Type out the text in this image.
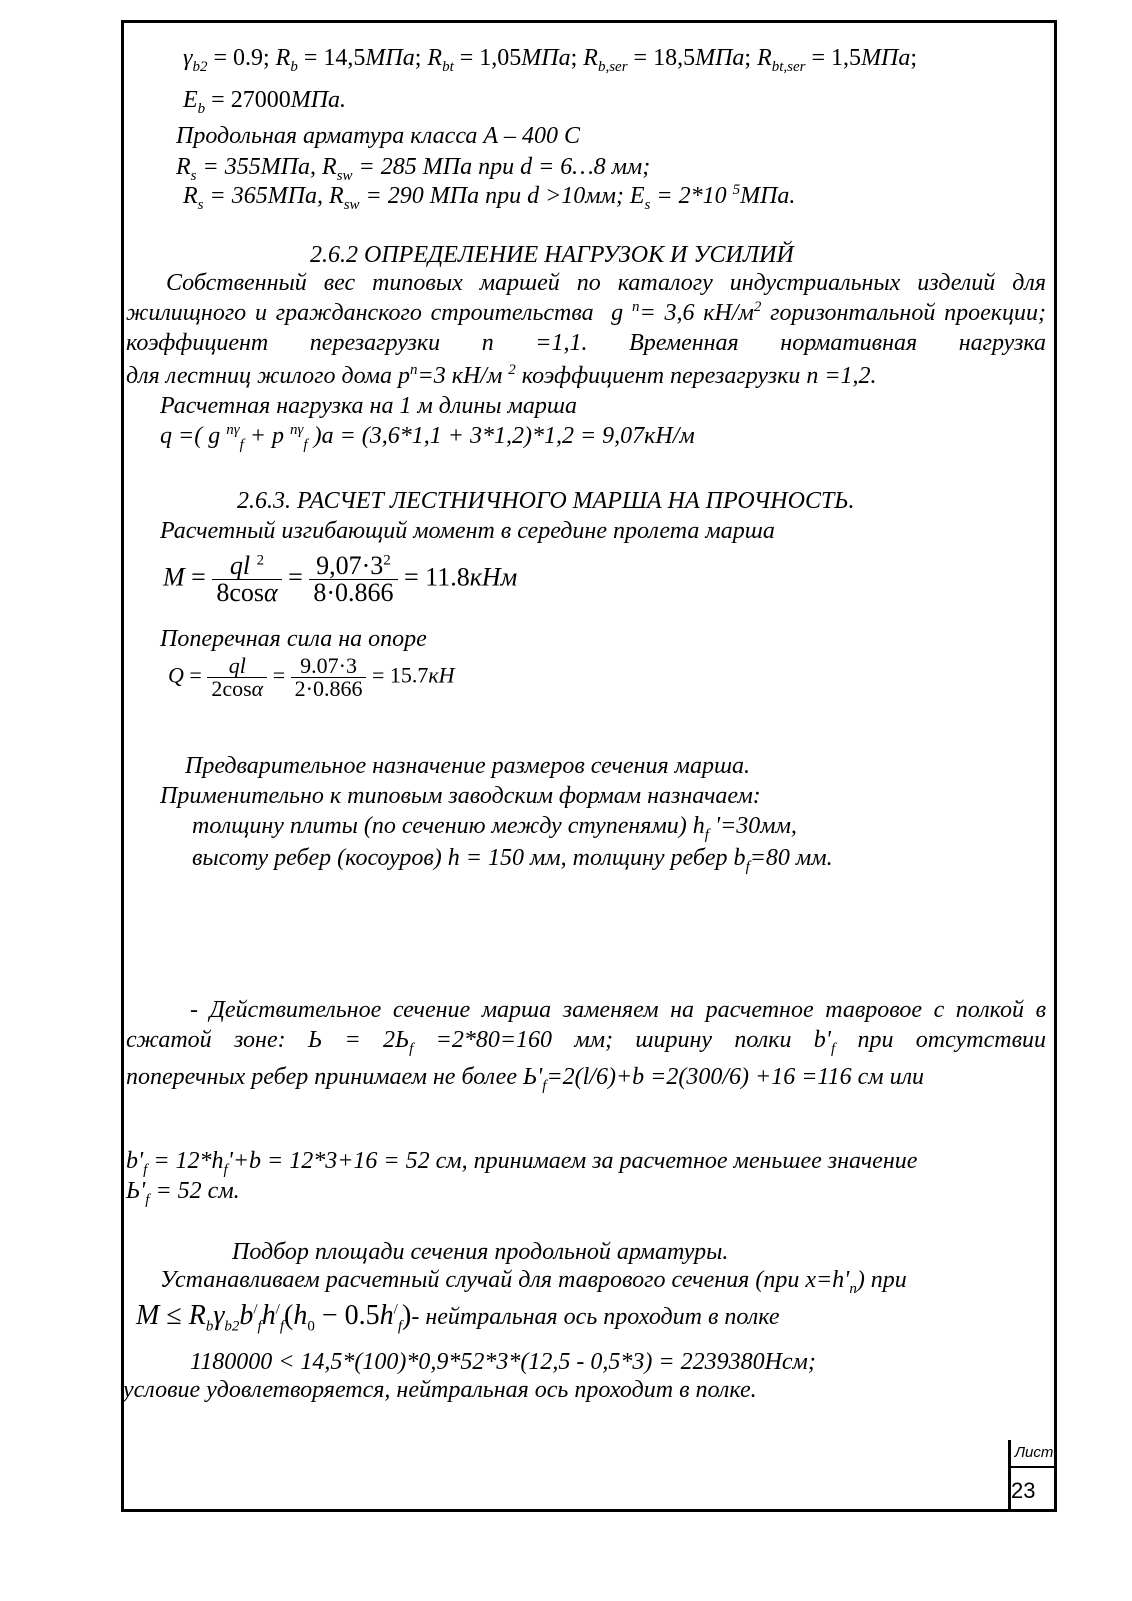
$\gamma_{b2} = 0.9$; $R_b = 14,5МПа$; $R_{bt} = 1,05МПа$; $R_{b,ser} = 18,5МПа$; $R_{bt,ser} = 1,5МПа$;
$E_b = 27000МПа$.
Продольная арматура класса А – 400 С
$R_s = 355МПа$, $R_{sw} = 285$ МПа при d = 6…8 мм;
$R_s = 365МПа$, $R_{sw} = 290$ МПа при d >10мм; $E_s = 2*10$ $^5$МПа.
2.6.2 ОПРЕДЕЛЕНИЕ НАГРУЗОК И УСИЛИЙ
Собственный вес типовых маршей по каталогу индустриальных изделий для жилищного и гражданского строительства  g $^n$= 3,6 $кН/м^2$ горизонтальной проекции; коэффициент перезагрузки n =1,1. Временная нормативная нагрузка
для лестниц жилого дома $p^n=3$ кН/м $^2$ коэффициент перезагрузки n =1,2.
Расчетная нагрузка на 1 м длины марша
q =( g $^{n\gamma}_f$ + p $^{n\gamma}_f$ )a = (3,6*1,1 + 3*1,2)*1,2 = 9,07кН/м
2.6.3. РАСЧЕТ ЛЕСТНИЧНОГО МАРША НА ПРОЧНОСТЬ.
Расчетный изгибающий момент в середине пролета марша
$M = \frac{ql ^2}{8\cos\alpha} = \frac{9,07\cdot 3^2}{8\cdot 0.866} = 11.8кНм$
Поперечная сила на опоре
$Q = \frac{ql}{2\cos\alpha} = \frac{9.07\cdot 3}{2\cdot 0.866} = 15.7кН$
Предварительное назначение размеров сечения марша.
Применительно к типовым заводским формам назначаем:
толщину плиты (по сечению между ступенями) $h_f$ '=30мм,
высоту ребер (косоуров) h = 150 мм, толщину ребер $b_f=80$ мм.
- Действительное сечение марша заменяем на расчетное тавровое с полкой в сжатой зоне: $Ь = 2Ь_f =2*80=160$ мм; ширину полки $b'_f$ при отсутствии
поперечных ребер принимаем не более $Ь'_f=2(l/6)+b =2(300/6) +16 =116$ см или
$b'_f = 12*h_f'+b = 12*3+16 = 52$ см, принимаем за расчетное меньшее значение
$Ь'_f = 52$ см.
Подбор площади сечения продольной арматуры.
Устанавливаем расчетный случай для таврового сечения (при $x=h'_n$) при
$M \le R_b\gamma_{b2}b^/_fh^/_f(h_0 - 0.5h^/_f)-$ нейтральная ось проходит в полке
1180000 < 14,5*(100)*0,9*52*3*(12,5 - 0,5*3) = 2239380Нсм;
условие удовлетворяется, нейтральная ось проходит в полке.
Лист
23
